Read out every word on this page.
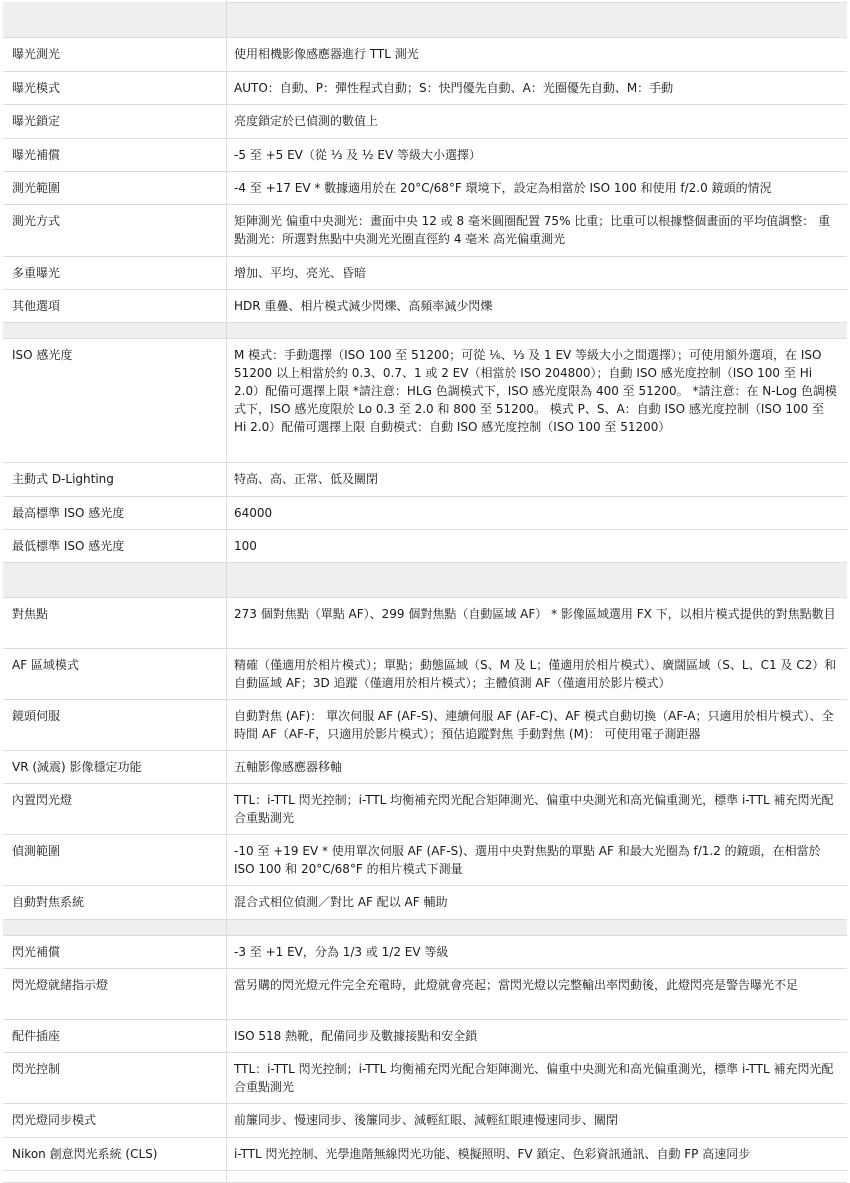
曝光測光	使用相機影像感應器進行 TTL 測光
曝光模式	AUTO：自動、P：彈性程式自動；S：快門優先自動、A：光圈優先自動、M：手動
曝光鎖定	亮度鎖定於已偵測的數值上
曝光補償	-5 至 +5 EV（從 ⅓ 及 ½ EV 等級大小選擇）
測光範圍	-4 至 +17 EV * 數據適用於在 20°C/68°F 環境下，設定為相當於 ISO 100 和使用 f/2.0 鏡頭的情況
測光方式	矩陣測光 偏重中央測光：畫面中央 12 或 8 毫米圓圈配置 75% 比重；比重可以根據整個畫面的平均值調整： 重點測光：所選對焦點中央測光光圈直徑約 4 毫米 高光偏重測光
多重曝光	增加、平均、亮光、昏暗
其他選項	HDR 重疊、相片模式減少閃爍、高頻率減少閃爍

ISO 感光度	M 模式：手動選擇（ISO 100 至 51200；可從 ⅙、⅓ 及 1 EV 等級大小之間選擇）；可使用額外選項，在 ISO 51200 以上相當於約 0.3、0.7、1 或 2 EV（相當於 ISO 204800）；自動 ISO 感光度控制（ISO 100 至 Hi 2.0）配備可選擇上限 *請注意：HLG 色調模式下，ISO 感光度限為 400 至 51200。 *請注意：在 N-Log 色調模式下，ISO 感光度限於 Lo 0.3 至 2.0 和 800 至 51200。 模式 P、S、A：自動 ISO 感光度控制（ISO 100 至 Hi 2.0）配備可選擇上限 自動模式：自動 ISO 感光度控制（ISO 100 至 51200）
主動式 D-Lighting	特高、高、正常、低及關閉
最高標準 ISO 感光度	64000
最低標準 ISO 感光度	100

對焦點	273 個對焦點（單點 AF）、299 個對焦點（自動區域 AF） * 影像區域選用 FX 下，以相片模式提供的對焦點數目
AF 區域模式	精確（僅適用於相片模式）；單點；動態區域（S、M 及 L；僅適用於相片模式）、廣闊區域（S、L、C1 及 C2）和自動區域 AF；3D 追蹤（僅適用於相片模式）；主體偵測 AF（僅適用於影片模式）
鏡頭伺服	自動對焦 (AF)： 單次伺服 AF (AF-S)、連續伺服 AF (AF-C)、AF 模式自動切換（AF-A；只適用於相片模式）、全時間 AF（AF-F，只適用於影片模式）；預估追蹤對焦 手動對焦 (M)： 可使用電子測距器
VR (減震) 影像穩定功能	五軸影像感應器移軸
內置閃光燈	TTL：i-TTL 閃光控制；i-TTL 均衡補充閃光配合矩陣測光、偏重中央測光和高光偏重測光，標準 i-TTL 補充閃光配合重點測光
偵測範圍	-10 至 +19 EV * 使用單次伺服 AF (AF-S)、選用中央對焦點的單點 AF 和最大光圈為 f/1.2 的鏡頭，在相當於 ISO 100 和 20°C/68°F 的相片模式下測量
自動對焦系統	混合式相位偵測／對比 AF 配以 AF 輔助

閃光補償	-3 至 +1 EV，分為 1/3 或 1/2 EV 等級
閃光燈就緒指示燈	當另購的閃光燈元件完全充電時，此燈就會亮起；當閃光燈以完整輸出率閃動後，此燈閃亮是警告曝光不足
配件插座	ISO 518 熱靴，配備同步及數據接點和安全鎖
閃光控制	TTL：i-TTL 閃光控制；i-TTL 均衡補充閃光配合矩陣測光、偏重中央測光和高光偏重測光，標準 i-TTL 補充閃光配合重點測光
閃光燈同步模式	前簾同步、慢速同步、後簾同步、減輕紅眼、減輕紅眼連慢速同步、關閉
Nikon 創意閃光系統 (CLS)	i-TTL 閃光控制、光學進階無線閃光功能、模擬照明、FV 鎖定、色彩資訊通訊、自動 FP 高速同步
